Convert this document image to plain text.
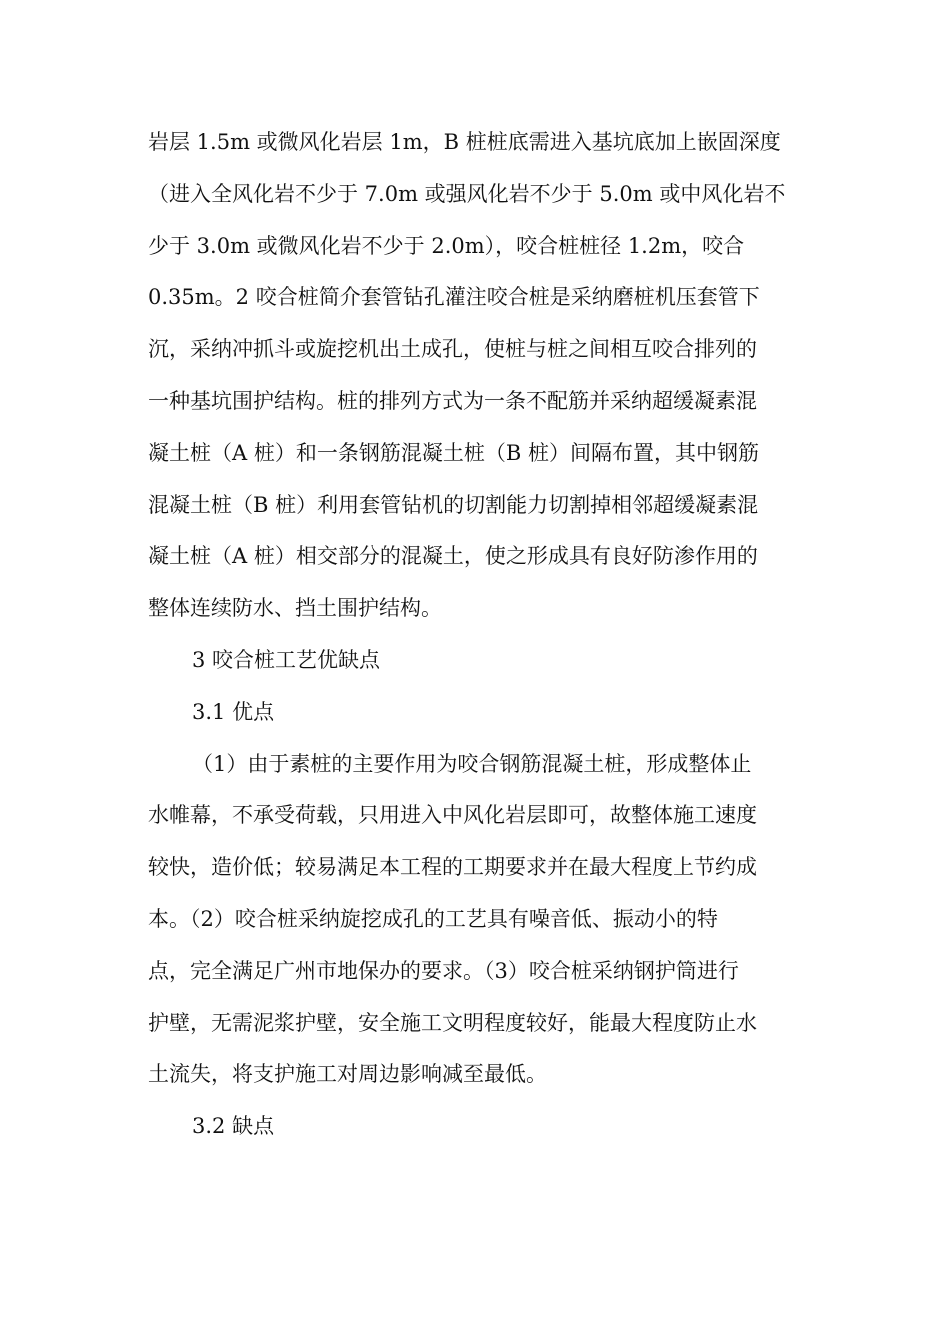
岩层 1.5m 或微风化岩层 1m，B 桩桩底需进入基坑底加上嵌固深度
（进入全风化岩不少于 7.0m 或强风化岩不少于 5.0m 或中风化岩不
少于 3.0m 或微风化岩不少于 2.0m），咬合桩桩径 1.2m，咬合
0.35m。2 咬合桩简介套管钻孔灌注咬合桩是采纳磨桩机压套管下
沉，采纳冲抓斗或旋挖机出土成孔，使桩与桩之间相互咬合排列的
一种基坑围护结构。桩的排列方式为一条不配筋并采纳超缓凝素混
凝土桩（A 桩）和一条钢筋混凝土桩（B 桩）间隔布置，其中钢筋
混凝土桩（B 桩）利用套管钻机的切割能力切割掉相邻超缓凝素混
凝土桩（A 桩）相交部分的混凝土，使之形成具有良好防渗作用的
整体连续防水、挡土围护结构。
3 咬合桩工艺优缺点
3.1 优点
（1）由于素桩的主要作用为咬合钢筋混凝土桩，形成整体止
水帷幕，不承受荷载，只用进入中风化岩层即可，故整体施工速度
较快，造价低；较易满足本工程的工期要求并在最大程度上节约成
本。（2）咬合桩采纳旋挖成孔的工艺具有噪音低、振动小的特
点，完全满足广州市地保办的要求。（3）咬合桩采纳钢护筒进行
护壁，无需泥浆护壁，安全施工文明程度较好，能最大程度防止水
土流失，将支护施工对周边影响减至最低。
3.2 缺点
